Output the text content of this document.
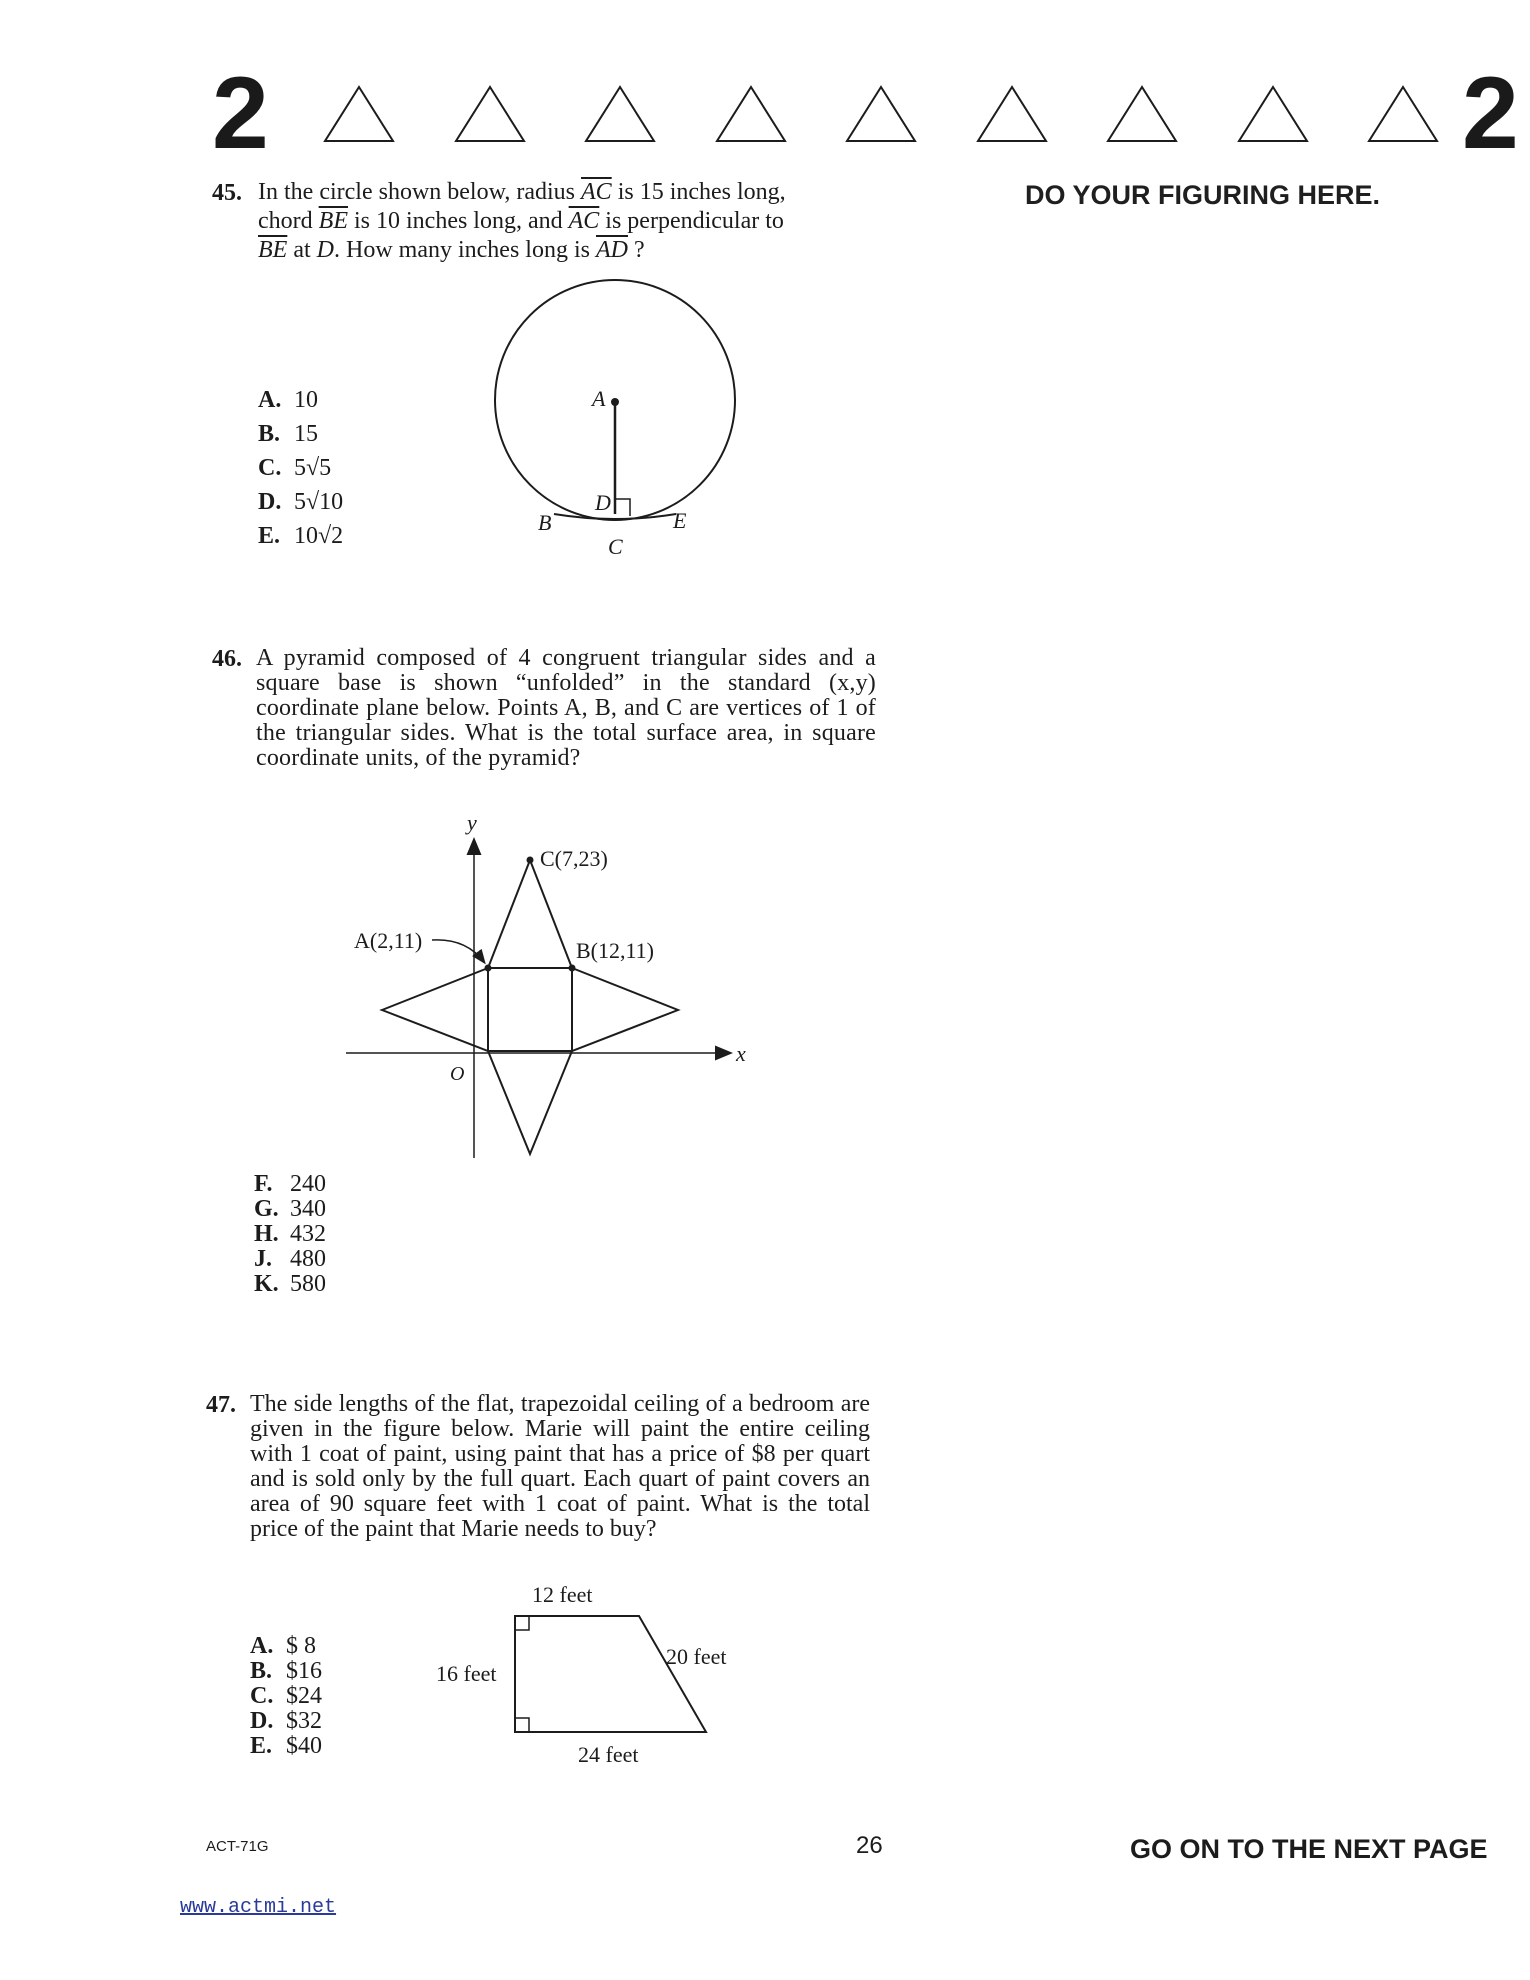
2	2
DO YOUR FIGURING HERE.
45. In the circle shown below, radius $\overline{AC}$ is 15 inches long,
chord $\overline{BE}$ is 10 inches long, and $\overline{AC}$ is perpendicular to
$\overline{BE}$ at D. How many inches long is $\overline{AD}$ ?
A. 10
B. 15
C. 5√5
D. 5√10
E. 10√2
A
D
B	E
C
46. A pyramid composed of 4 congruent triangular sides and a square base is shown “unfolded” in the standard (x,y) coordinate plane below. Points A, B, and C are vertices of 1 of the triangular sides. What is the total surface area, in square coordinate units, of the pyramid?
y
x
O
A(2,11)	B(12,11)
C(7,23)
F. 240
G. 340
H. 432
J. 480
K. 580
47. The side lengths of the flat, trapezoidal ceiling of a bedroom are given in the figure below. Marie will paint the entire ceiling with 1 coat of paint, using paint that has a price of $8 per quart and is sold only by the full quart. Each quart of paint covers an area of 90 square feet with 1 coat of paint. What is the total price of the paint that Marie needs to buy?
A. $ 8
B. $16
C. $24
D. $32
E. $40
12 feet
16 feet
20 feet
24 feet
ACT-71G	26	GO ON TO THE NEXT PAGE
www.actmi.net
